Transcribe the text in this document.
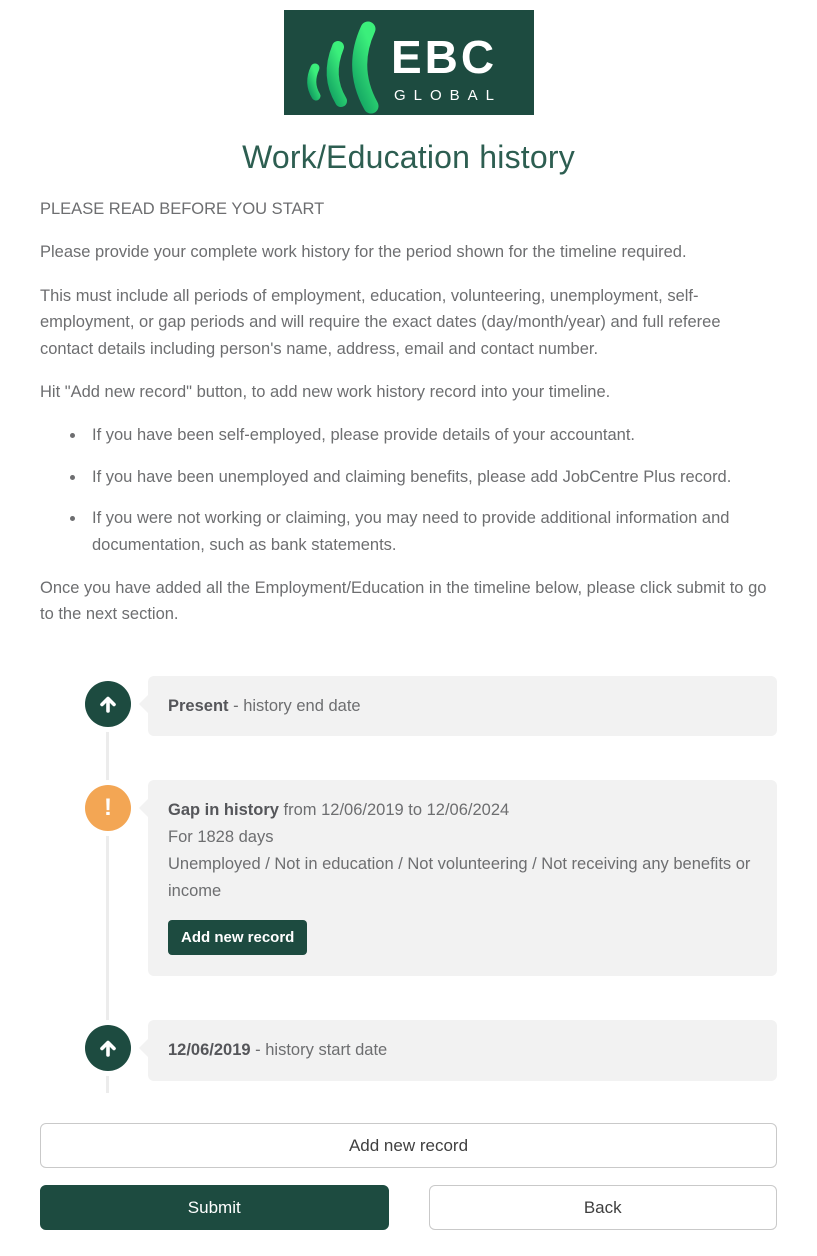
EBC
GLOBAL
Work/Education history

PLEASE READ BEFORE YOU START

Please provide your complete work history for the period shown for the timeline required.

This must include all periods of employment, education, volunteering, unemployment, self-employment, or gap periods and will require the exact dates (day/month/year) and full referee contact details including person's name, address, email and contact number.

Hit "Add new record" button, to add new work history record into your timeline.

• If you have been self-employed, please provide details of your accountant.
• If you have been unemployed and claiming benefits, please add JobCentre Plus record.
• If you were not working or claiming, you may need to provide additional information and documentation, such as bank statements.

Once you have added all the Employment/Education in the timeline below, please click submit to go to the next section.

Present - history end date
!	Gap in history from 12/06/2019 to 12/06/2024
For 1828 days
Unemployed / Not in education / Not volunteering / Not receiving any benefits or income
Add new record
12/06/2019 - history start date
Add new record
Submit	Back
